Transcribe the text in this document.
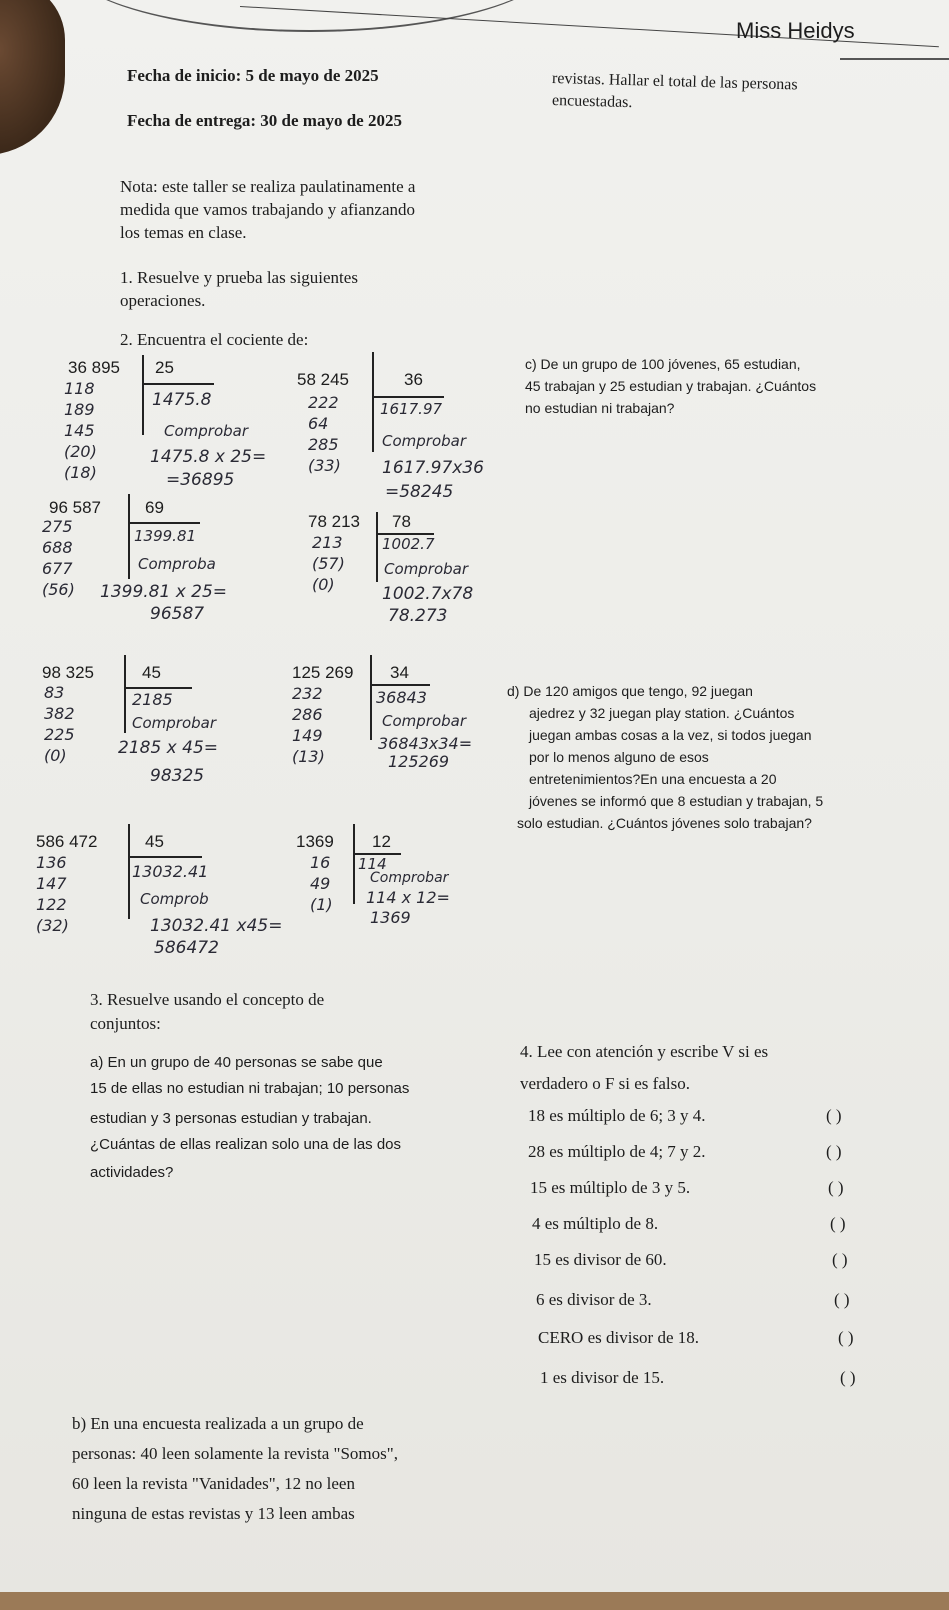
Miss Heidys
Fecha de inicio: 5 de mayo de 2025
Fecha de entrega: 30 de mayo de 2025
revistas. Hallar el total de las personas
encuestadas.
Nota: este taller se realiza paulatinamente a
medida que vamos trabajando y afianzando
los temas en clase.
1. Resuelve y prueba las siguientes
operaciones.
2. Encuentra el cociente de:
36 895 25
1475.8
118
189
145
(20)
(18)
Comprobar
1475.8 x 25=
=36895
58 245	36
1617.97
222
64
285
(33)
Comprobar
1617.97x36
=58245
c) De un grupo de 100 jóvenes, 65 estudian,
45 trabajan y 25 estudian y trabajan. ¿Cuántos
no estudian ni trabajan?
96 587	69
1399.81
275
688
677
(56)
Comproba
1399.81 x 25=
96587
78 213 78
1002.7
213
(57)
(0)
Comprobar
1002.7x78
78.273
98 325	45
2185
83
382
225
(0)
Comprobar
2185 x 45=
98325
125 269 34
36843
232
286
149
(13)
Comprobar
36843x34=
125269
d) De 120 amigos que tengo, 92 juegan
ajedrez y 32 juegan play station. ¿Cuántos
juegan ambas cosas a la vez, si todos juegan
por lo menos alguno de esos
entretenimientos?En una encuesta a 20
jóvenes se informó que 8 estudian y trabajan, 5
solo estudian. ¿Cuántos jóvenes solo trabajan?
586 472	45
13032.41
136
147
122
(32)
Comprob
13032.41 x45=
586472
1369 12
114
16
49
(1)
Comprobar
114 x 12=
1369
3. Resuelve usando el concepto de
conjuntos:
a) En un grupo de 40 personas se sabe que
15 de ellas no estudian ni trabajan; 10 personas
estudian y 3 personas estudian y trabajan.
¿Cuántas de ellas realizan solo una de las dos
actividades?
4. Lee con atención y escribe V si es
verdadero o F si es falso.
18 es múltiplo de 6; 3 y 4.	( )
28 es múltiplo de 4; 7 y 2.	( )
15 es múltiplo de 3 y 5.	( )
4 es múltiplo de 8.	( )
15 es divisor de 60.	( )
6 es divisor de 3.	( )
CERO es divisor de 18.	( )
1 es divisor de 15.	( )
b) En una encuesta realizada a un grupo de
personas: 40 leen solamente la revista "Somos",
60 leen la revista "Vanidades", 12 no leen
ninguna de estas revistas y 13 leen ambas
